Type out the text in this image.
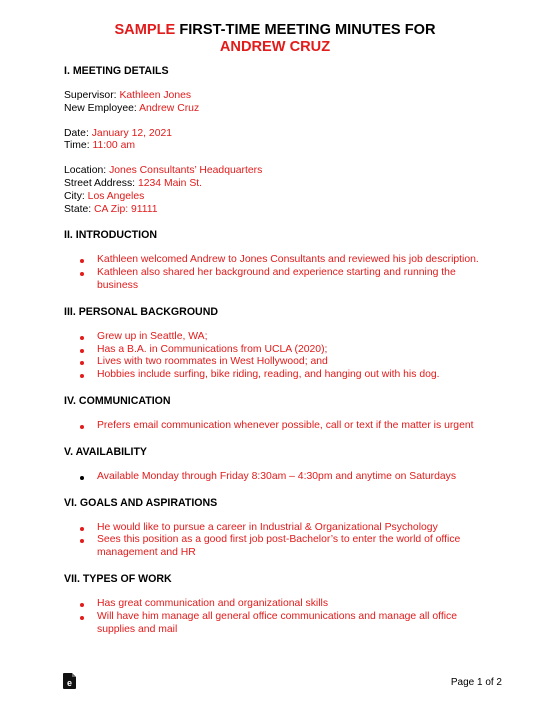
SAMPLE FIRST-TIME MEETING MINUTES FOR
ANDREW CRUZ

I. MEETING DETAILS

Supervisor: Kathleen Jones

New Employee: Andrew Cruz

Date: January 12, 2021

Time: 11:00 am

Location: Jones Consultants’ Headquarters

Street Address: 1234 Main St.

City: Los Angeles

State: CA Zip: 91111

II. INTRODUCTION

Kathleen welcomed Andrew to Jones Consultants and reviewed his job description.
Kathleen also shared her background and experience starting and running the business

III. PERSONAL BACKGROUND

Grew up in Seattle, WA;
Has a B.A. in Communications from UCLA (2020);
Lives with two roommates in West Hollywood; and
Hobbies include surfing, bike riding, reading, and hanging out with his dog.

IV. COMMUNICATION

Prefers email communication whenever possible, call or text if the matter is urgent

V. AVAILABILITY

Available Monday through Friday 8:30am – 4:30pm and anytime on Saturdays

VI. GOALS AND ASPIRATIONS

He would like to pursue a career in Industrial & Organizational Psychology
Sees this position as a good first job post-Bachelor’s to enter the world of office management and HR

VII. TYPES OF WORK

Has great communication and organizational skills
Will have him manage all general office communications and manage all office supplies and mail
e	Page 1 of 2
